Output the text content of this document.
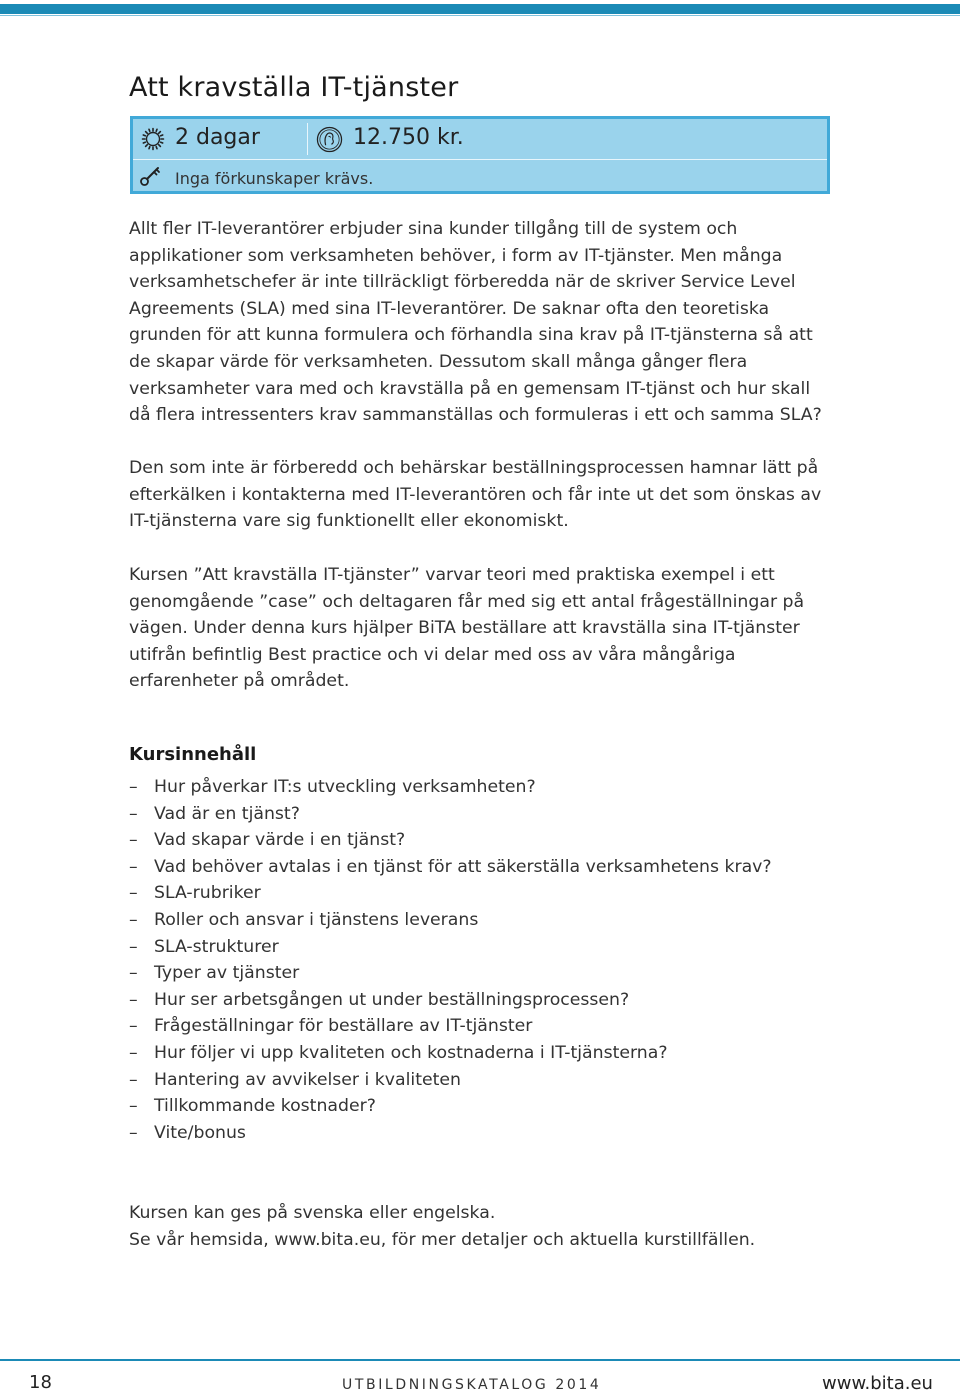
Att kravställa IT-tjänster
2 dagar	12.750 kr.
Inga förkunskaper krävs.

Allt fler IT-leverantörer erbjuder sina kunder tillgång till de system och applikationer som verksamheten behöver, i form av IT-tjänster. Men många verksamhetschefer är inte tillräckligt förberedda när de skriver Service Level Agreements (SLA) med sina IT-leverantörer. De saknar ofta den teoretiska grunden för att kunna formulera och förhandla sina krav på IT-tjänsterna så att de skapar värde för verksamheten. Dessutom skall många gånger flera verksamheter vara med och kravställa på en gemensam IT-tjänst och hur skall då flera intressenters krav sammanställas och formuleras i ett och samma SLA?

Den som inte är förberedd och behärskar beställningsprocessen hamnar lätt på efterkälken i kontakterna med IT-leverantören och får inte ut det som önskas av IT-tjänsterna vare sig funktionellt eller ekonomiskt.

Kursen ”Att kravställa IT-tjänster” varvar teori med praktiska exempel i ett genomgående ”case” och deltagaren får med sig ett antal frågeställningar på vägen. Under denna kurs hjälper BiTA beställare att kravställa sina IT-tjänster utifrån befintlig Best practice och vi delar med oss av våra mångåriga erfarenheter på området.

Kursinnehåll
– Hur påverkar IT:s utveckling verksamheten?
– Vad är en tjänst?
– Vad skapar värde i en tjänst?
– Vad behöver avtalas i en tjänst för att säkerställa verksamhetens krav?
– SLA-rubriker
– Roller och ansvar i tjänstens leverans
– SLA-strukturer
– Typer av tjänster
– Hur ser arbetsgången ut under beställningsprocessen?
– Frågeställningar för beställare av IT-tjänster
– Hur följer vi upp kvaliteten och kostnaderna i IT-tjänsterna?
– Hantering av avvikelser i kvaliteten
– Tillkommande kostnader?
– Vite/bonus

Kursen kan ges på svenska eller engelska.
Se vår hemsida, www.bita.eu, för mer detaljer och aktuella kurstillfällen.

18	UTBILDNINGSKATALOG 2014	www.bita.eu
